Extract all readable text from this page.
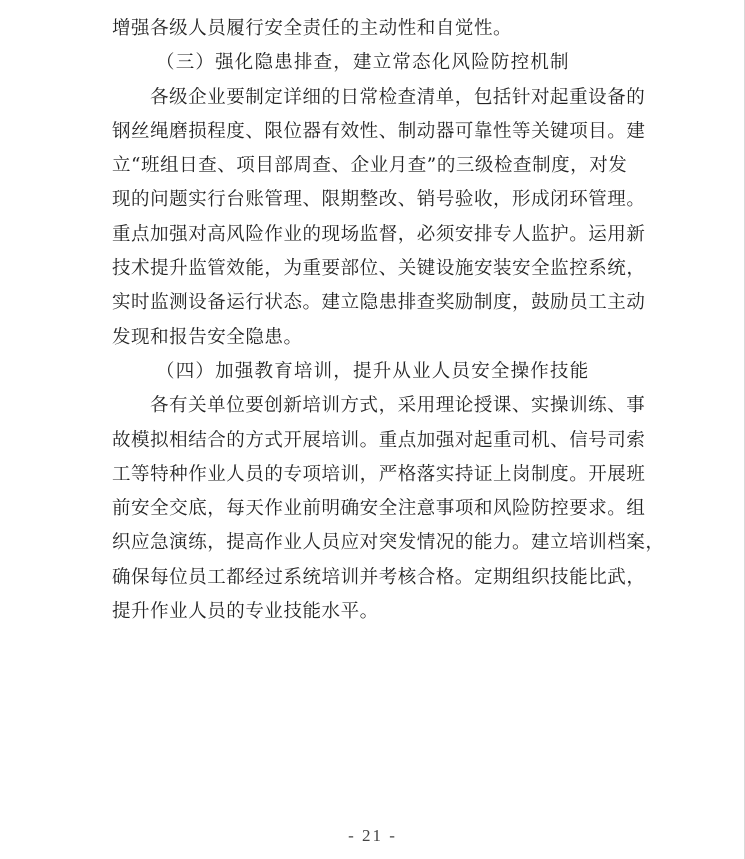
增强各级人员履行安全责任的主动性和自觉性。
（三）强化隐患排查，建立常态化风险防控机制
各级企业要制定详细的日常检查清单，包括针对起重设备的
钢丝绳磨损程度、限位器有效性、制动器可靠性等关键项目。建
立“班组日查、项目部周查、企业月查”的三级检查制度，对发
现的问题实行台账管理、限期整改、销号验收，形成闭环管理。
重点加强对高风险作业的现场监督，必须安排专人监护。运用新
技术提升监管效能，为重要部位、关键设施安装安全监控系统，
实时监测设备运行状态。建立隐患排查奖励制度，鼓励员工主动
发现和报告安全隐患。
（四）加强教育培训，提升从业人员安全操作技能
各有关单位要创新培训方式，采用理论授课、实操训练、事
故模拟相结合的方式开展培训。重点加强对起重司机、信号司索
工等特种作业人员的专项培训，严格落实持证上岗制度。开展班
前安全交底，每天作业前明确安全注意事项和风险防控要求。组
织应急演练，提高作业人员应对突发情况的能力。建立培训档案，
确保每位员工都经过系统培训并考核合格。定期组织技能比武，
提升作业人员的专业技能水平。
- 21 -
